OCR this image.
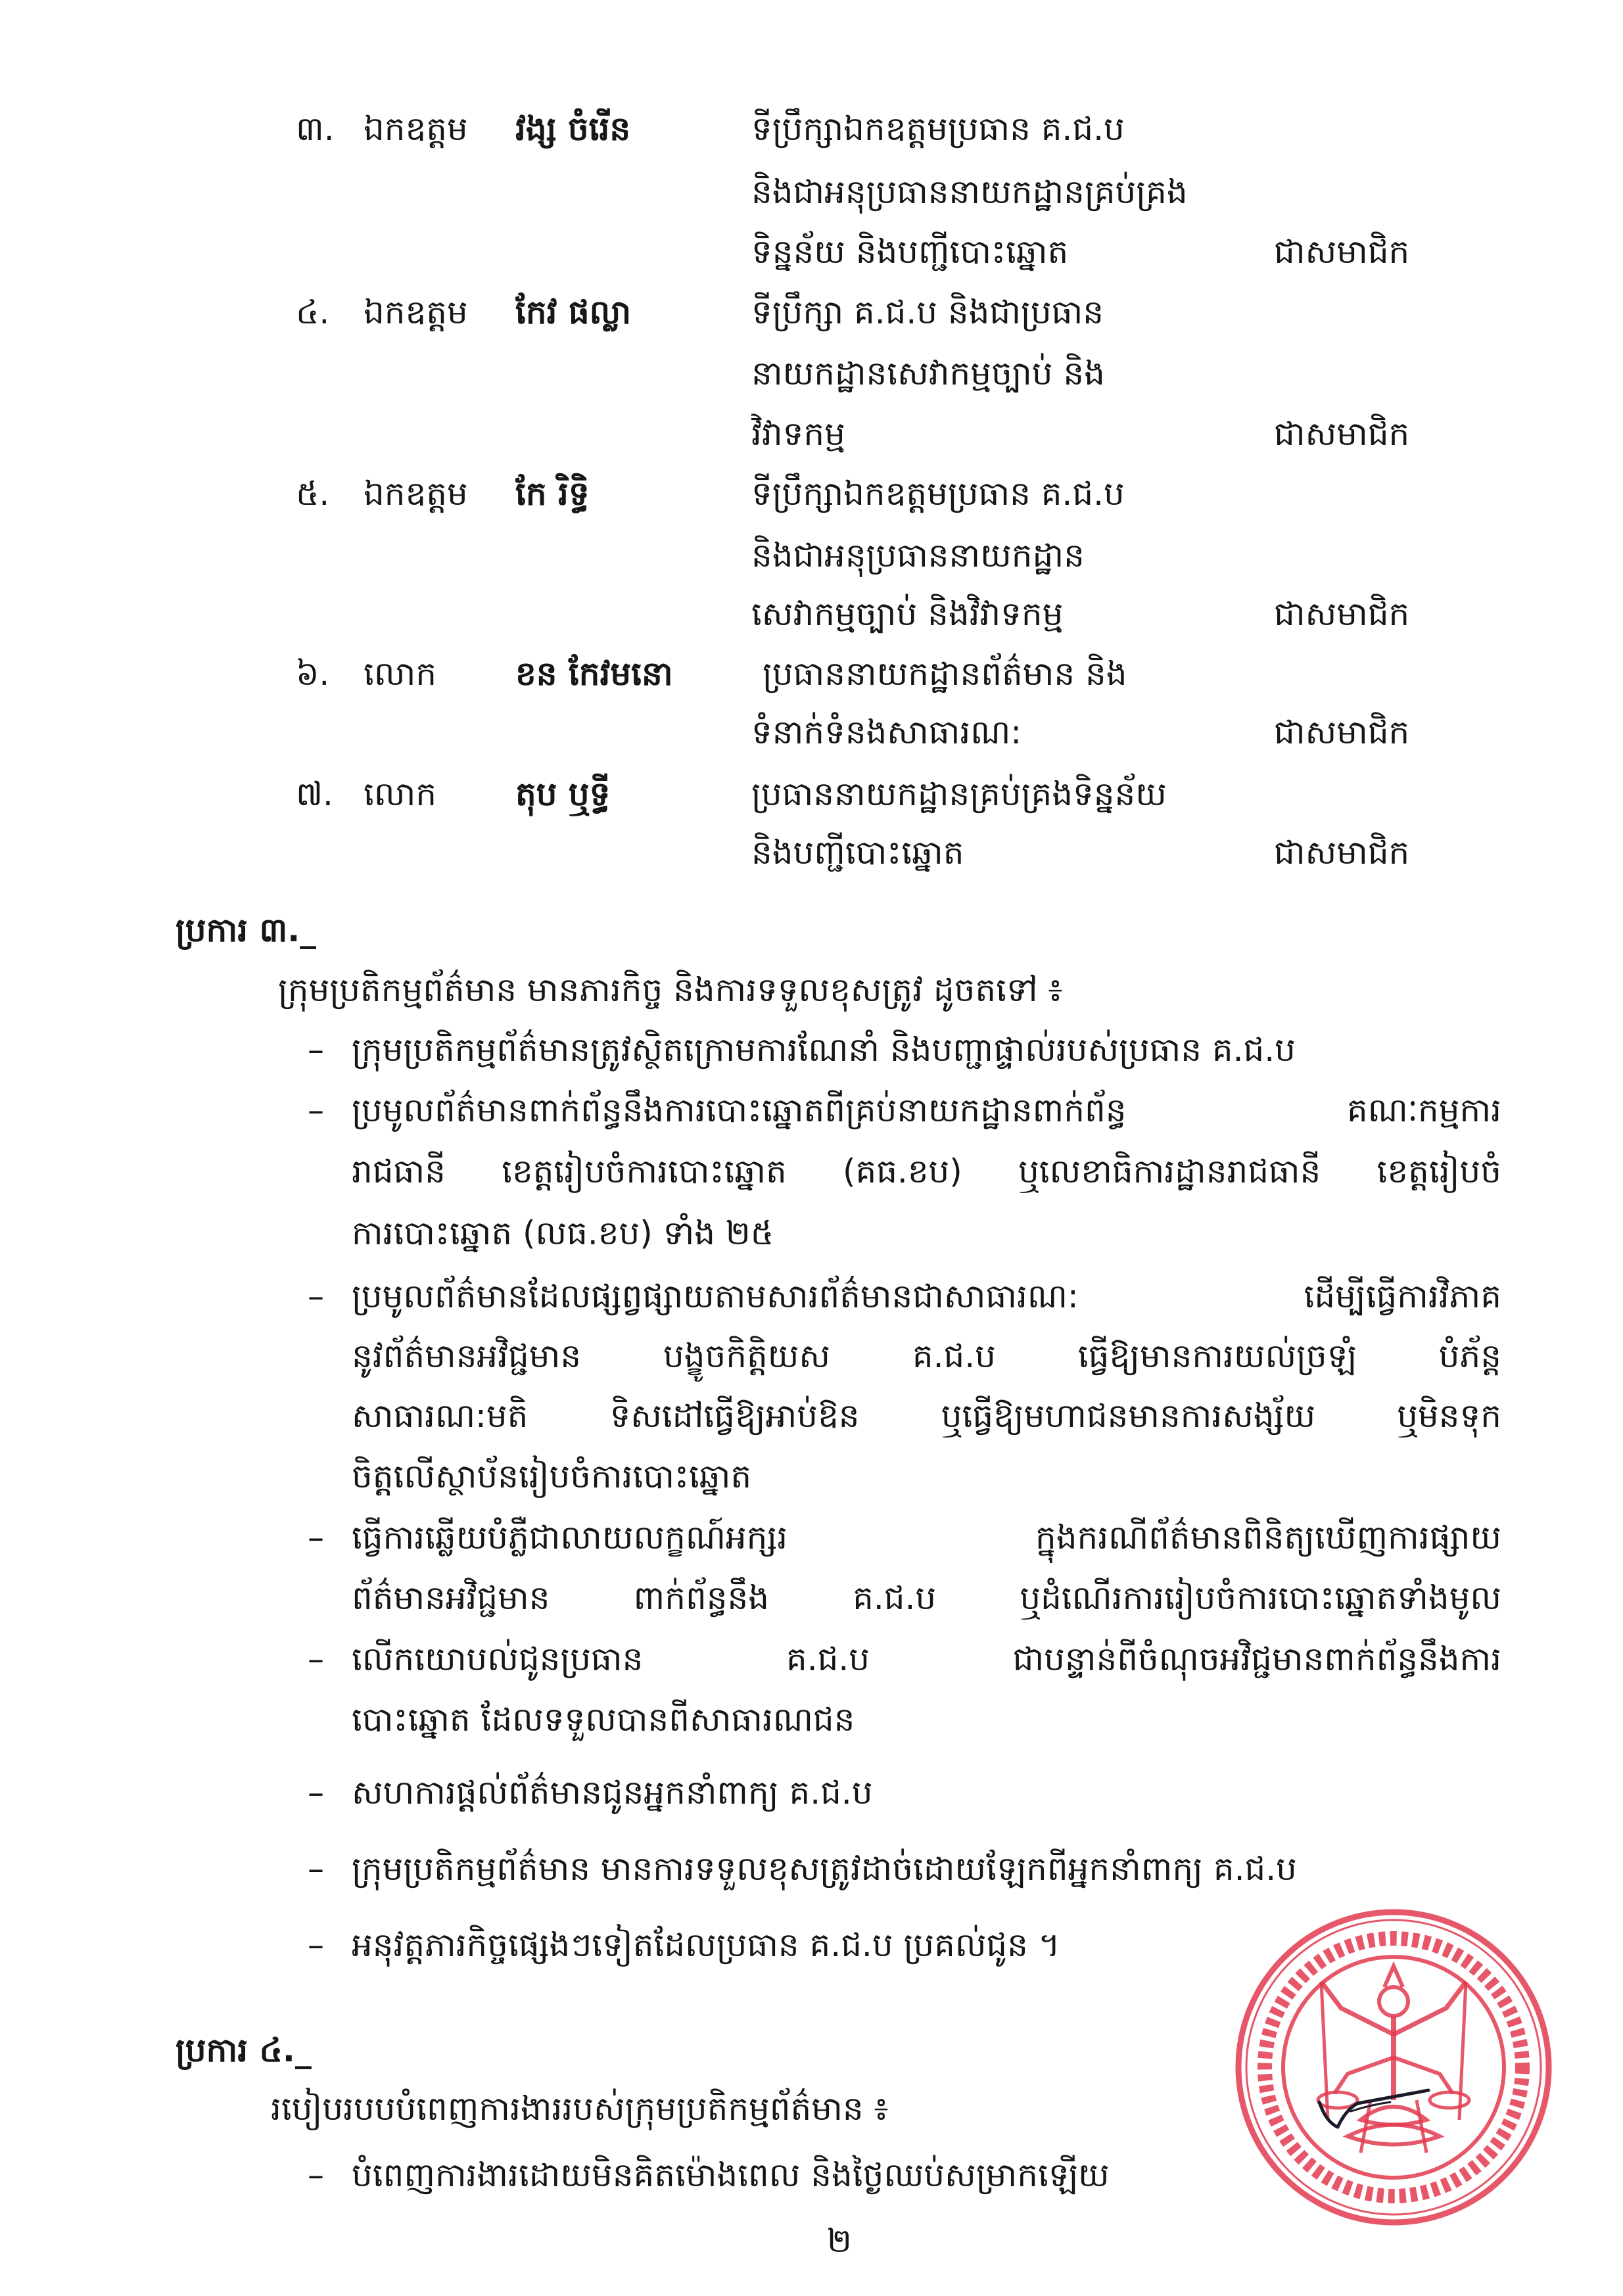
៣. ឯកឧត្តម វង្ស ចំរើន	ទីប្រឹក្សាឯកឧត្តមប្រធាន គ.ជ.ប
និងជាអនុប្រធាននាយកដ្ឋានគ្រប់គ្រង
ទិន្នន័យ និងបញ្ជីបោះឆ្នោត	ជាសមាជិក
៤. ឯកឧត្តម កែវ ផល្លា	ទីប្រឹក្សា គ.ជ.ប និងជាប្រធាន
នាយកដ្ឋានសេវាកម្មច្បាប់ និង
វិវាទកម្ម	ជាសមាជិក
៥. ឯកឧត្តម កែ រិទ្ធិ	ទីប្រឹក្សាឯកឧត្តមប្រធាន គ.ជ.ប
និងជាអនុប្រធាននាយកដ្ឋាន
សេវាកម្មច្បាប់ និងវិវាទកម្ម	ជាសមាជិក
៦. លោក ខន កែវមនោ	ប្រធាននាយកដ្ឋានព័ត៌មាន និង
ទំនាក់ទំនងសាធារណ:	ជាសមាជិក
៧. លោក តុប ឬទ្ធី	ប្រធាននាយកដ្ឋានគ្រប់គ្រងទិន្នន័យ
និងបញ្ជីបោះឆ្នោត	ជាសមាជិក
ប្រការ ៣._
ក្រុមប្រតិកម្មព័ត៌មាន មានភារកិច្ច និងការទទួលខុសត្រូវ ដូចតទៅ ៖
– ក្រុមប្រតិកម្មព័ត៌មានត្រូវស្ថិតក្រោមការណែនាំ និងបញ្ជាផ្ទាល់របស់ប្រធាន គ.ជ.ប
– ប្រមូលព័ត៌មានពាក់ព័ន្ធនឹងការបោះឆ្នោតពីគ្រប់នាយកដ្ឋានពាក់ព័ន្ធ គណៈកម្មការ
រាជធានី ខេត្តរៀបចំការបោះឆ្នោត (គធ.ខប) ឬលេខាធិការដ្ឋានរាជធានី ខេត្តរៀបចំ
ការបោះឆ្នោត (លធ.ខប) ទាំង ២៥
– ប្រមូលព័ត៌មានដែលផ្សព្វផ្សាយតាមសារព័ត៌មានជាសាធារណ: ដើម្បីធ្វើការវិភាគ
នូវព័ត៌មានអវិជ្ជមាន បង្ខូចកិត្តិយស គ.ជ.ប ធ្វើឱ្យមានការយល់ច្រឡំ បំភ័ន្ត
សាធារណ:មតិ ទិសដៅធ្វើឱ្យអាប់ឱន ឬធ្វើឱ្យមហាជនមានការសង្ស័យ ឬមិនទុក
ចិត្តលើស្ថាប័នរៀបចំការបោះឆ្នោត
– ធ្វើការឆ្លើយបំភ្លឺជាលាយលក្ខណ៍អក្សរ ក្នុងករណីព័ត៌មានពិនិត្យឃើញការផ្សាយ
ព័ត៌មានអវិជ្ជមាន ពាក់ព័ន្ធនឹង គ.ជ.ប ឬដំណើរការរៀបចំការបោះឆ្នោតទាំងមូល
– លើកយោបល់ជូនប្រធាន គ.ជ.ប ជាបន្ទាន់ពីចំណុចអវិជ្ជមានពាក់ព័ន្ធនឹងការ
បោះឆ្នោត ដែលទទួលបានពីសាធារណជន
– សហការផ្តល់ព័ត៌មានជូនអ្នកនាំពាក្យ គ.ជ.ប
– ក្រុមប្រតិកម្មព័ត៌មាន មានការទទួលខុសត្រូវដាច់ដោយឡែកពីអ្នកនាំពាក្យ គ.ជ.ប
– អនុវត្តភារកិច្ចផ្សេងៗទៀតដែលប្រធាន គ.ជ.ប ប្រគល់ជូន ។
ប្រការ ៤._
របៀបរបបបំពេញការងាររបស់ក្រុមប្រតិកម្មព័ត៌មាន ៖
– បំពេញការងារដោយមិនគិតម៉ោងពេល និងថ្ងៃឈប់សម្រាកឡើយ
២
